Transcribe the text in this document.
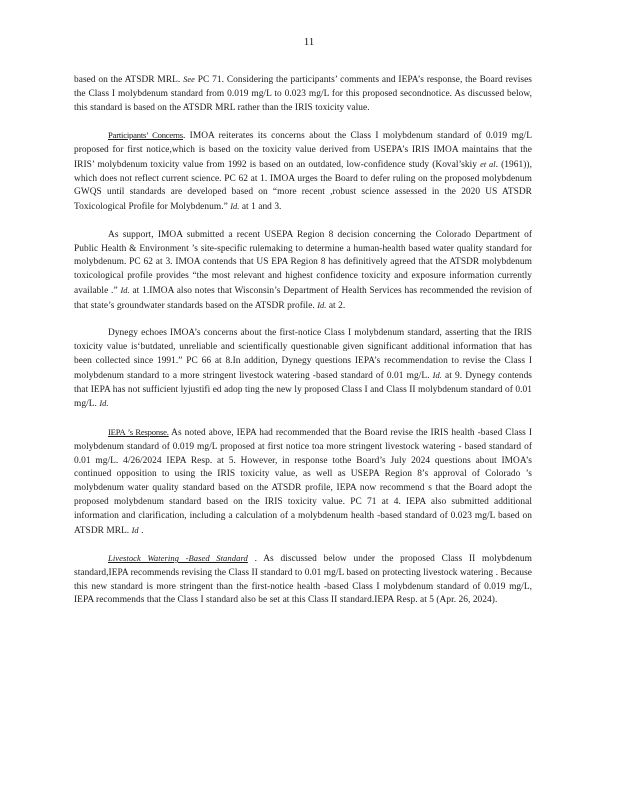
11

based on the ATSDR MRL. See PC 71. Considering the participants’ comments and IEPA’s response, the Board revises the Class I molybdenum standard from 0.019 mg/L to 0.023 mg/L for this proposed secondnotice. As discussed below, this standard is based on the ATSDR MRL rather than the IRIS toxicity value.

Participants’ Concerns. IMOA reiterates its concerns about the Class I molybdenum standard of 0.019 mg/L proposed for first notice,which is based on the toxicity value derived from USEPA’s IRIS IMOA maintains that the IRIS’ molybdenum toxicity value from 1992 is based on an outdated, low-confidence study (Koval’skiy et al. (1961)), which does not reflect current science. PC 62 at 1. IMOA urges the Board to defer ruling on the proposed molybdenum GWQS until standards are developed based on “more recent ,robust science assessed in the 2020 US ATSDR Toxicological Profile for Molybdenum.” Id. at 1 and 3.

As support, IMOA submitted a recent USEPA Region 8 decision concerning the Colorado Department of Public Health & Environment ’s site-specific rulemaking to determine a human-health based water quality standard for molybdenum. PC 62 at 3. IMOA contends that US EPA Region 8 has definitively agreed that the ATSDR molybdenum toxicological profile provides “the most relevant and highest confidence toxicity and exposure information currently available .” Id. at 1.IMOA also notes that Wisconsin’s Department of Health Services has recommended the revision of that state’s groundwater standards based on the ATSDR profile. Id. at 2.

Dynegy echoes IMOA’s concerns about the first-notice Class I molybdenum standard, asserting that the IRIS toxicity value is‘butdated, unreliable and scientifically questionable given significant additional information that has been collected since 1991.” PC 66 at 8.In addition, Dynegy questions IEPA’s recommendation to revise the Class I molybdenum standard to a more stringent livestock watering -based standard of 0.01 mg/L. Id. at 9. Dynegy contends that IEPA has not sufficient lyjustifi ed adop ting the new ly proposed Class I and Class II molybdenum standard of 0.01 mg/L. Id.

IEPA ’s Response. As noted above, IEPA had recommended that the Board revise the IRIS health -based Class I molybdenum standard of 0.019 mg/L proposed at first notice toa more stringent livestock watering - based standard of 0.01 mg/L. 4/26/2024 IEPA Resp. at 5. However, in response tothe Board’s July 2024 questions about IMOA’s continued opposition to using the IRIS toxicity value, as well as USEPA Region 8’s approval of Colorado ’s molybdenum water quality standard based on the ATSDR profile, IEPA now recommend s that the Board adopt the proposed molybdenum standard based on the IRIS toxicity value. PC 71 at 4. IEPA also submitted additional information and clarification, including a calculation of a molybdenum health -based standard of 0.023 mg/L based on ATSDR MRL. Id .

Livestock Watering -Based Standard . As discussed below under the proposed Class II molybdenum standard,IEPA recommends revising the Class II standard to 0.01 mg/L based on protecting livestock watering . Because this new standard is more stringent than the first-notice health -based Class I molybdenum standard of 0.019 mg/L, IEPA recommends that the Class I standard also be set at this Class II standard.IEPA Resp. at 5 (Apr. 26, 2024).
